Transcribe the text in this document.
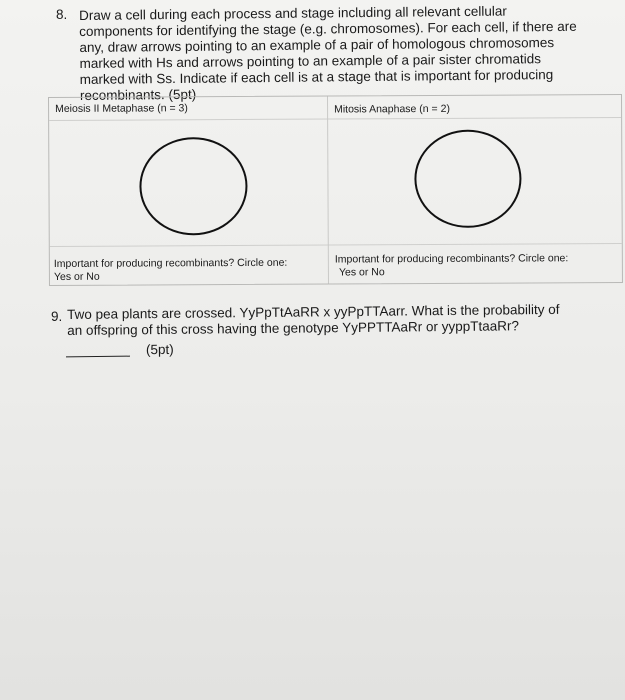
8. Draw a cell during each process and stage including all relevant cellular
components for identifying the stage (e.g. chromosomes). For each cell, if there are
any, draw arrows pointing to an example of a pair of homologous chromosomes
marked with Hs and arrows pointing to an example of a pair sister chromatids
marked with Ss. Indicate if each cell is at a stage that is important for producing
recombinants. (5pt)
Meiosis II Metaphase (n = 3)	Mitosis Anaphase (n = 2)
Important for producing recombinants? Circle one:
Yes or No
Important for producing recombinants? Circle one:
Yes or No
9. Two pea plants are crossed. YyPpTtAaRR x yyPpTTAarr. What is the probability of
an offspring of this cross having the genotype YyPPTTAaRr or yyppTtaaRr?
(5pt)
